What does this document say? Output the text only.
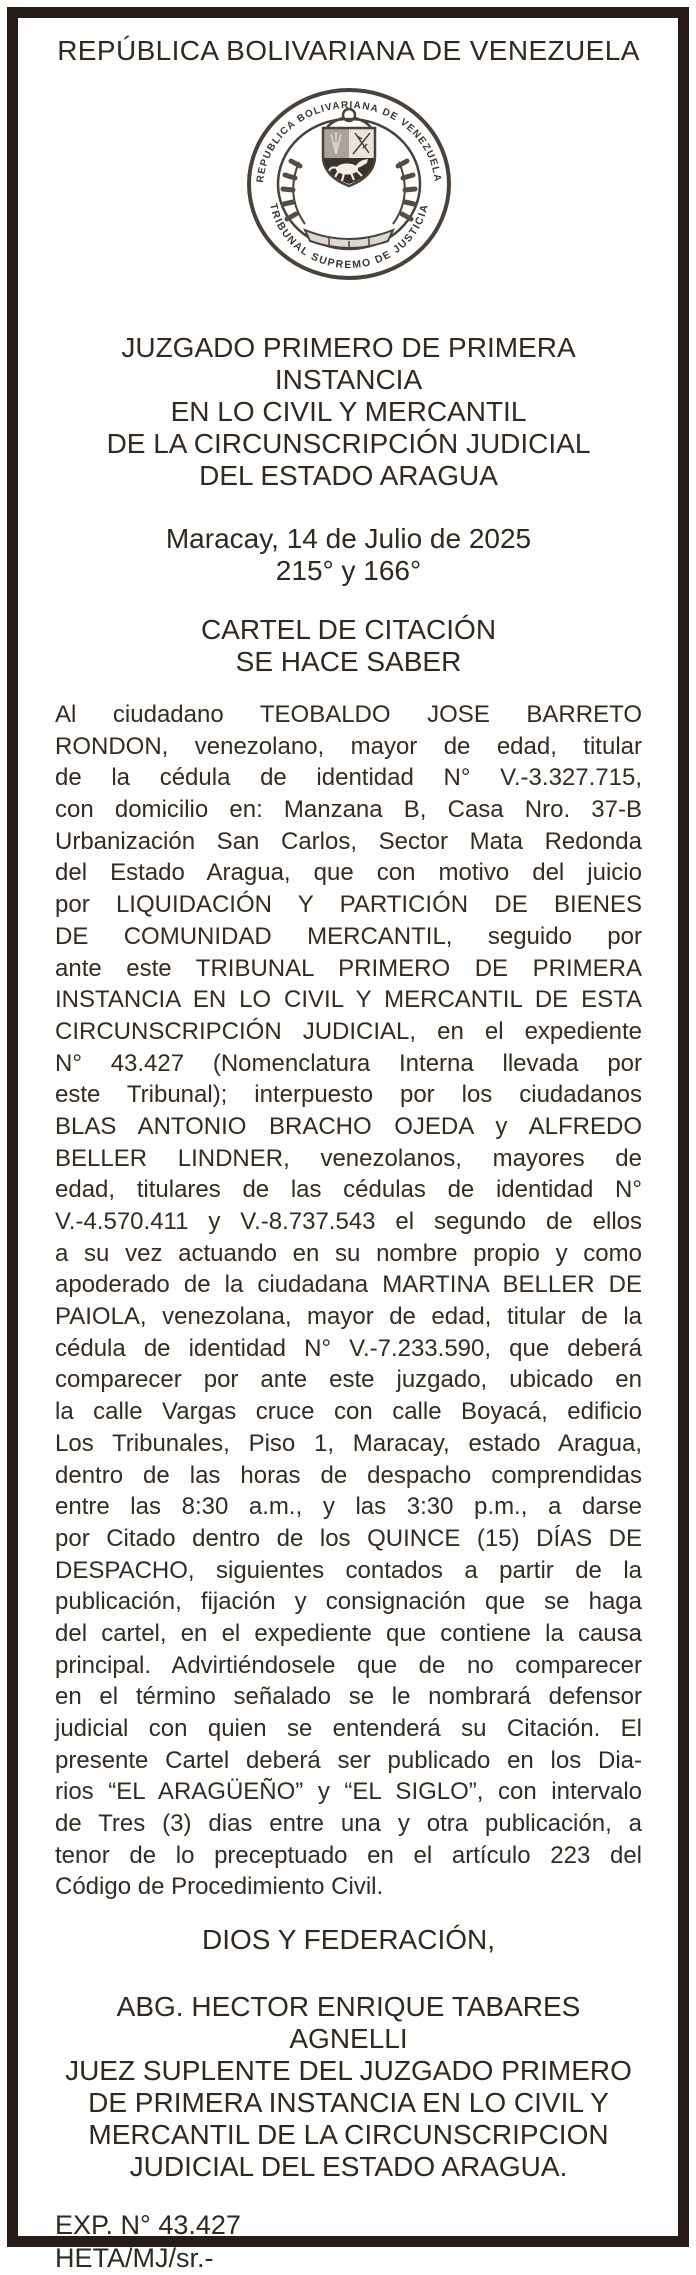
REPÚBLICA BOLIVARIANA DE VENEZUELA
REPUBLICA BOLIVARIANA DE VENEZUELA
TRIBUNAL SUPREMO DE JUSTICIA
JUZGADO PRIMERO DE PRIMERA INSTANCIA
EN LO CIVIL Y MERCANTIL
DE LA CIRCUNSCRIPCIÓN JUDICIAL
DEL ESTADO ARAGUA
Maracay, 14 de Julio de 2025
215° y 166°
CARTEL DE CITACIÓN
SE HACE SABER
Al ciudadano TEOBALDO JOSE BARRETO
RONDON, venezolano, mayor de edad, titular
de la cédula de identidad N° V.-3.327.715,
con domicilio en: Manzana B, Casa Nro. 37-B
Urbanización San Carlos, Sector Mata Redonda
del Estado Aragua, que con motivo del juicio
por LIQUIDACIÓN Y PARTICIÓN DE BIENES
DE COMUNIDAD MERCANTIL, seguido por
ante este TRIBUNAL PRIMERO DE PRIMERA
INSTANCIA EN LO CIVIL Y MERCANTIL DE ESTA
CIRCUNSCRIPCIÓN JUDICIAL, en el expediente
N° 43.427 (Nomenclatura Interna llevada por
este Tribunal); interpuesto por los ciudadanos
BLAS ANTONIO BRACHO OJEDA y ALFREDO
BELLER LINDNER, venezolanos, mayores de
edad, titulares de las cédulas de identidad N°
V.-4.570.411 y V.-8.737.543 el segundo de ellos
a su vez actuando en su nombre propio y como
apoderado de la ciudadana MARTINA BELLER DE
PAIOLA, venezolana, mayor de edad, titular de la
cédula de identidad N° V.-7.233.590, que deberá
comparecer por ante este juzgado, ubicado en
la calle Vargas cruce con calle Boyacá, edificio
Los Tribunales, Piso 1, Maracay, estado Aragua,
dentro de las horas de despacho comprendidas
entre las 8:30 a.m., y las 3:30 p.m., a darse
por Citado dentro de los QUINCE (15) DÍAS DE
DESPACHO, siguientes contados a partir de la
publicación, fijación y consignación que se haga
del cartel, en el expediente que contiene la causa
principal. Advirtiéndosele que de no comparecer
en el término señalado se le nombrará defensor
judicial con quien se entenderá su Citación. El
presente Cartel deberá ser publicado en los Dia-
rios “EL ARAGÜEÑO” y “EL SIGLO”, con intervalo
de Tres (3) dias entre una y otra publicación, a
tenor de lo preceptuado en el artículo 223 del
Código de Procedimiento Civil.
DIOS Y FEDERACIÓN,
ABG. HECTOR ENRIQUE TABARES AGNELLI
JUEZ SUPLENTE DEL JUZGADO PRIMERO
DE PRIMERA INSTANCIA EN LO CIVIL Y
MERCANTIL DE LA CIRCUNSCRIPCION
JUDICIAL DEL ESTADO ARAGUA.
EXP. N° 43.427
HETA/MJ/sr.-
